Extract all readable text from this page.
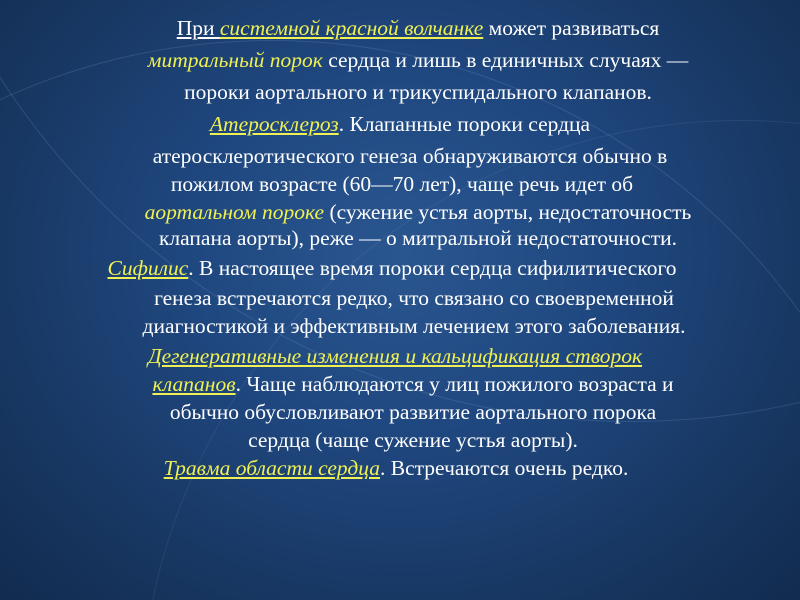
При системной красной волчанке может развиваться
митральный порок сердца и лишь в единичных случаях —
пороки аортального и трикуспидального клапанов.
Атеросклероз. Клапанные пороки сердца
атеросклеротического генеза обнаруживаются обычно в
пожилом возрасте (60—70 лет), чаще речь идет об
аортальном пороке (сужение устья аорты, недостаточность
клапана аорты), реже — о митральной недостаточности.
Сифилис. В настоящее время пороки сердца сифилитического
генеза встречаются редко, что связано со своевременной
диагностикой и эффективным лечением этого заболевания.
Дегенеративные изменения и кальцификация створок
клапанов. Чаще наблюдаются у лиц пожилого возраста и
обычно обусловливают развитие аортального порока
сердца (чаще сужение устья аорты).
Травма области сердца. Встречаются очень редко.
